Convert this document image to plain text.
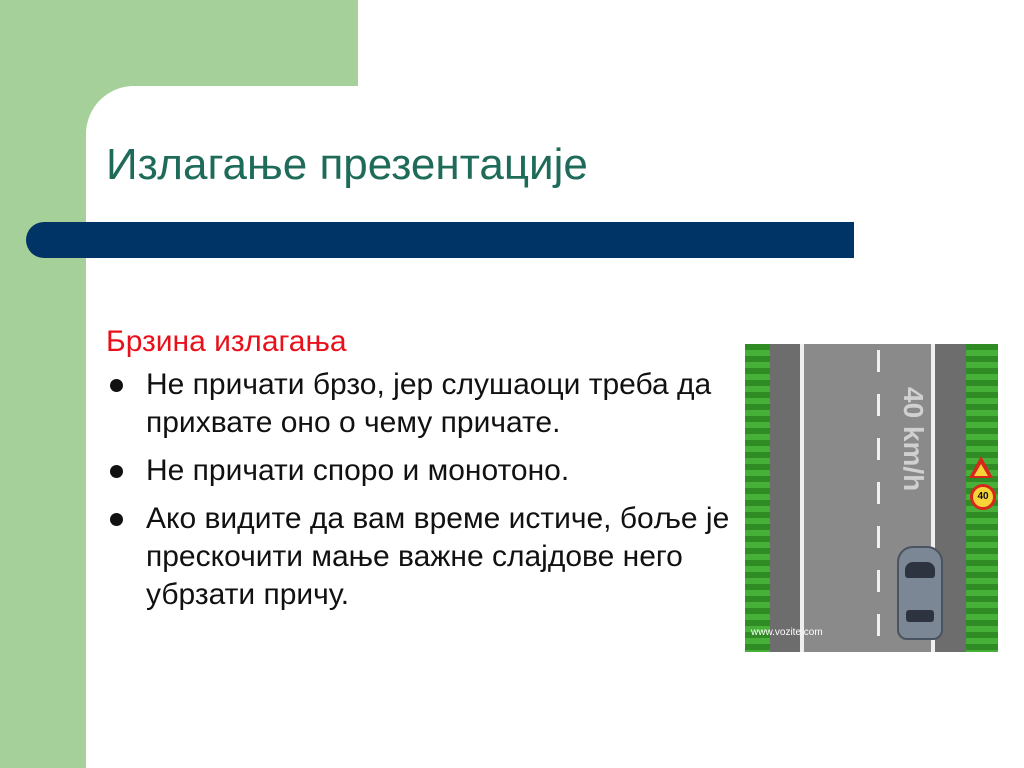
Излагање презентације
Брзина излагања
Не причати брзо, јер слушаоци треба да прихвате оно о чему причате.
Не причати споро и монотоно.
Ако видите да вам време истиче, боље је прескочити мање важне слајдове него убрзати причу.
40 km/h
40
www.vozite.com
